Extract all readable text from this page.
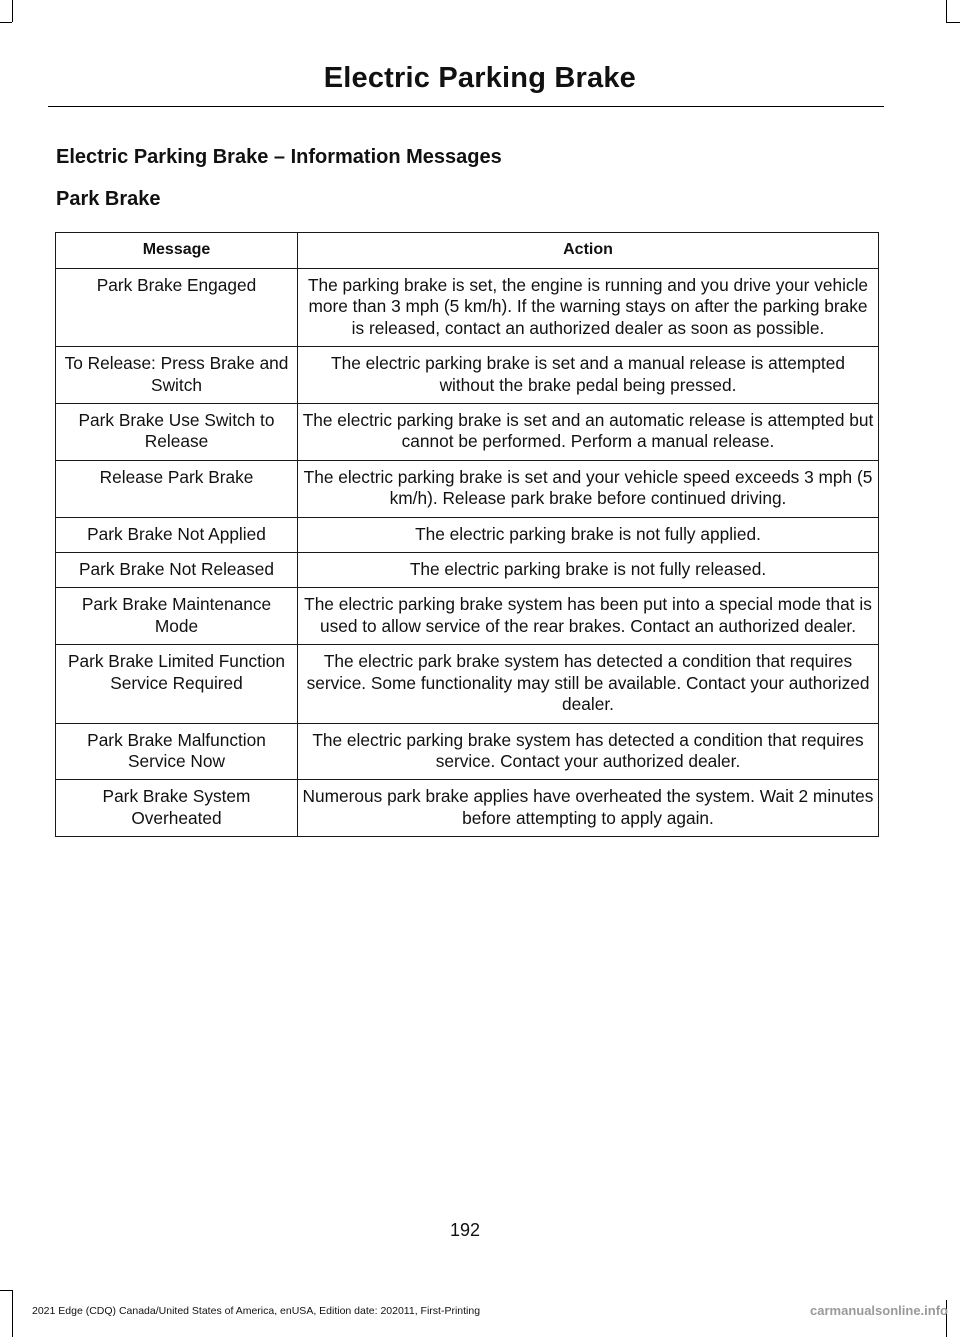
Electric Parking Brake
Electric Parking Brake – Information Messages
Park Brake
Message	Action
Park Brake Engaged	The parking brake is set, the engine is running and you drive your vehicle more than 3 mph (5 km/h). If the warning stays on after the parking brake is released, contact an authorized dealer as soon as possible.
To Release: Press Brake and Switch	The electric parking brake is set and a manual release is attempted without the brake pedal being pressed.
Park Brake Use Switch to Release	The electric parking brake is set and an automatic release is attempted but cannot be performed. Perform a manual release.
Release Park Brake	The electric parking brake is set and your vehicle speed exceeds 3 mph (5 km/h). Release park brake before continued driving.
Park Brake Not Applied	The electric parking brake is not fully applied.
Park Brake Not Released	The electric parking brake is not fully released.
Park Brake Maintenance Mode	The electric parking brake system has been put into a special mode that is used to allow service of the rear brakes. Contact an authorized dealer.
Park Brake Limited Function Service Required	The electric park brake system has detected a condition that requires service. Some functionality may still be available. Contact your authorized dealer.
Park Brake Malfunction Service Now	The electric parking brake system has detected a condition that requires service. Contact your authorized dealer.
Park Brake System Overheated	Numerous park brake applies have overheated the system. Wait 2 minutes before attempting to apply again.
192
2021 Edge (CDQ) Canada/United States of America, enUSA, Edition date: 202011, First-Printing	carmanualsonline.info
